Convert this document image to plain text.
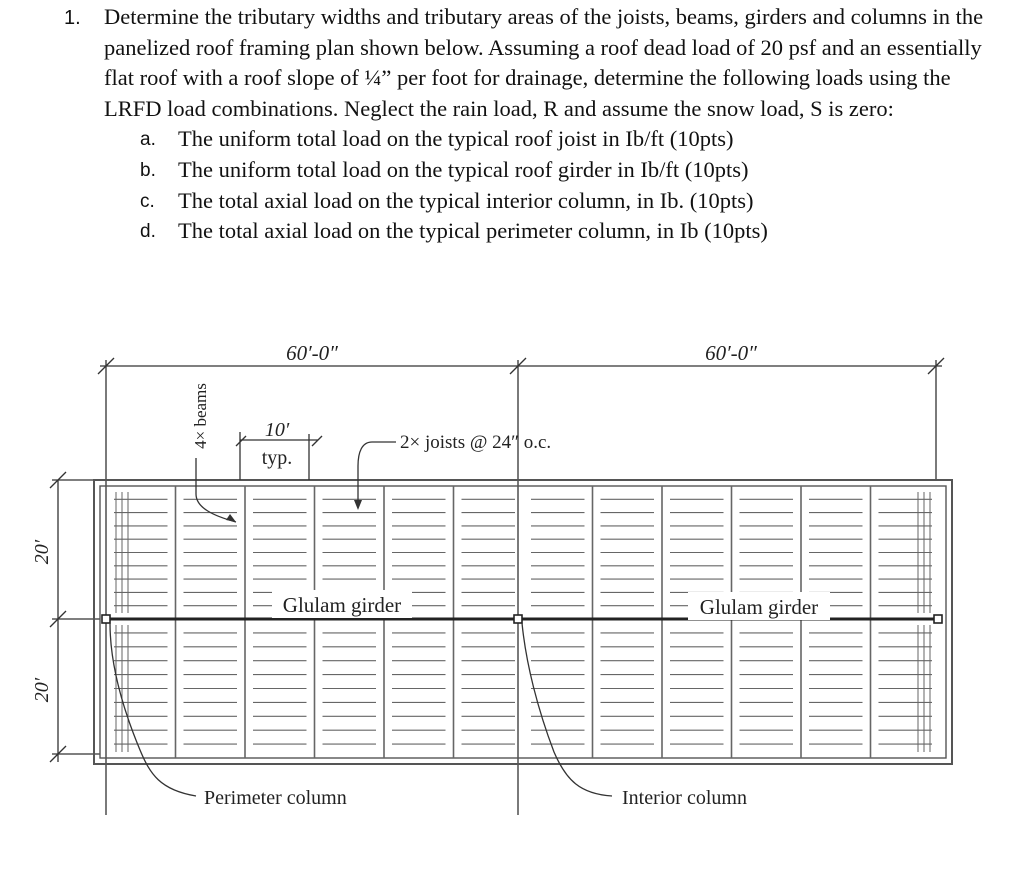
1. Determine the tributary widths and tributary areas of the joists, beams, girders and columns in the panelized roof framing plan shown below. Assuming a roof dead load of 20 psf and an essentially flat roof with a roof slope of ¼” per foot for drainage, determine the following loads using the LRFD load combinations. Neglect the rain load, R and assume the snow load, S is zero:
a. The uniform total load on the typical roof joist in Ib/ft (10pts)
b. The uniform total load on the typical roof girder in Ib/ft (10pts)
c. The total axial load on the typical interior column, in Ib. (10pts)
d. The total axial load on the typical perimeter column, in Ib (10pts)
60′-0″	60′-0″
20′
20′
Glulam girder	Glulam girder
4× beams	10′
typ.
2× joists @ 24″ o.c.
Perimeter column	Interior column
